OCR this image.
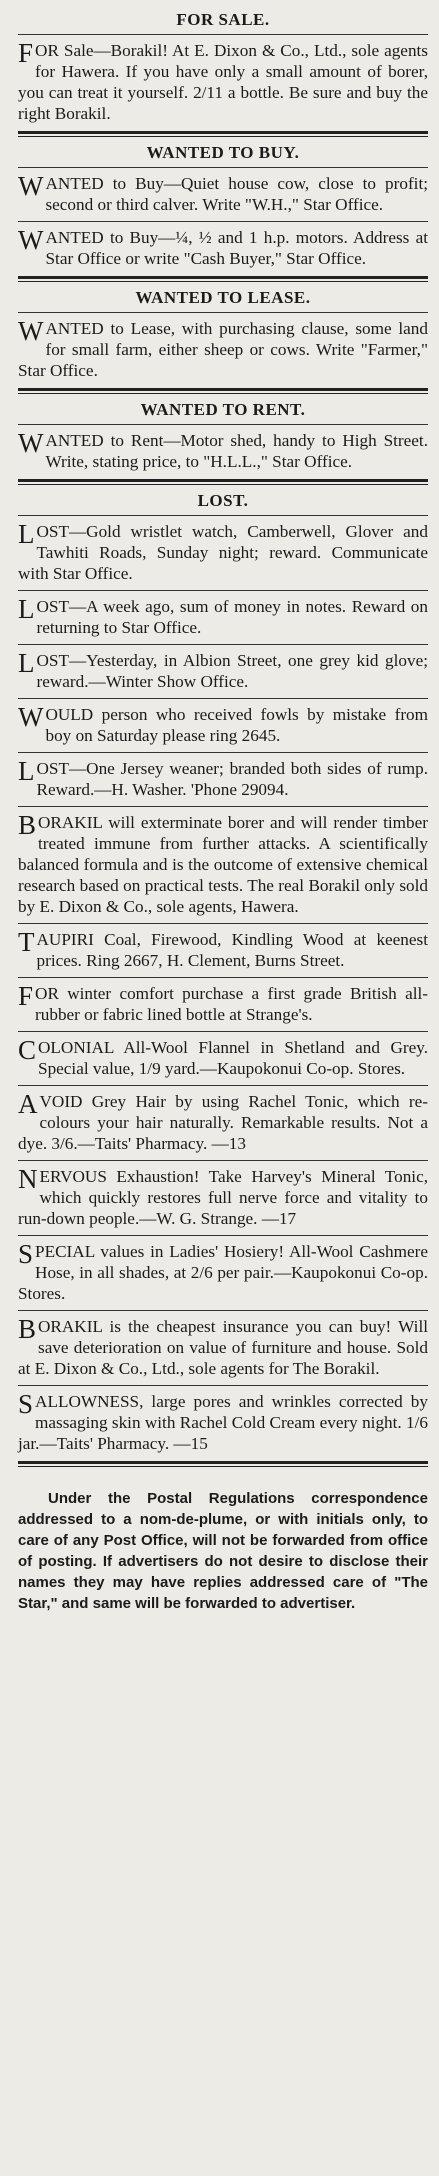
FOR SALE.

FOR Sale—Borakil! At E. Dixon & Co., Ltd., sole agents for Hawera. If you have only a small amount of borer, you can treat it yourself. 2/11 a bottle. Be sure and buy the right Borakil.

WANTED TO BUY.

WANTED to Buy—Quiet house cow, close to profit; second or third calver. Write "W.H.," Star Office.

WANTED to Buy—¼, ½ and 1 h.p. motors. Address at Star Office or write "Cash Buyer," Star Office.

WANTED TO LEASE.

WANTED to Lease, with purchasing clause, some land for small farm, either sheep or cows. Write "Farmer," Star Office.

WANTED TO RENT.

WANTED to Rent—Motor shed, handy to High Street. Write, stating price, to "H.L.L.," Star Office.

LOST.

LOST—Gold wristlet watch, Camberwell, Glover and Tawhiti Roads, Sunday night; reward. Communicate with Star Office.

LOST—A week ago, sum of money in notes. Reward on returning to Star Office.

LOST—Yesterday, in Albion Street, one grey kid glove; reward.—Winter Show Office.

WOULD person who received fowls by mistake from boy on Saturday please ring 2645.

LOST—One Jersey weaner; branded both sides of rump. Reward.—H. Washer. 'Phone 29094.

BORAKIL will exterminate borer and will render timber treated immune from further attacks. A scientifically balanced formula and is the outcome of extensive chemical research based on practical tests. The real Borakil only sold by E. Dixon & Co., sole agents, Hawera.

TAUPIRI Coal, Firewood, Kindling Wood at keenest prices. Ring 2667, H. Clement, Burns Street.

FOR winter comfort purchase a first grade British all-rubber or fabric lined bottle at Strange's.

COLONIAL All-Wool Flannel in Shetland and Grey. Special value, 1/9 yard.—Kaupokonui Co-op. Stores.

AVOID Grey Hair by using Rachel Tonic, which re-colours your hair naturally. Remarkable results. Not a dye. 3/6.—Taits' Pharmacy. —13

NERVOUS Exhaustion! Take Harvey's Mineral Tonic, which quickly restores full nerve force and vitality to run-down people.—W. G. Strange. —17

SPECIAL values in Ladies' Hosiery! All-Wool Cashmere Hose, in all shades, at 2/6 per pair.—Kaupokonui Co-op. Stores.

BORAKIL is the cheapest insurance you can buy! Will save deterioration on value of furniture and house. Sold at E. Dixon & Co., Ltd., sole agents for The Borakil.

SALLOWNESS, large pores and wrinkles corrected by massaging skin with Rachel Cold Cream every night. 1/6 jar.—Taits' Pharmacy. —15

Under the Postal Regulations correspondence addressed to a nom-de-plume, or with initials only, to care of any Post Office, will not be forwarded from office of posting. If advertisers do not desire to disclose their names they may have replies addressed care of "The Star," and same will be forwarded to advertiser.
